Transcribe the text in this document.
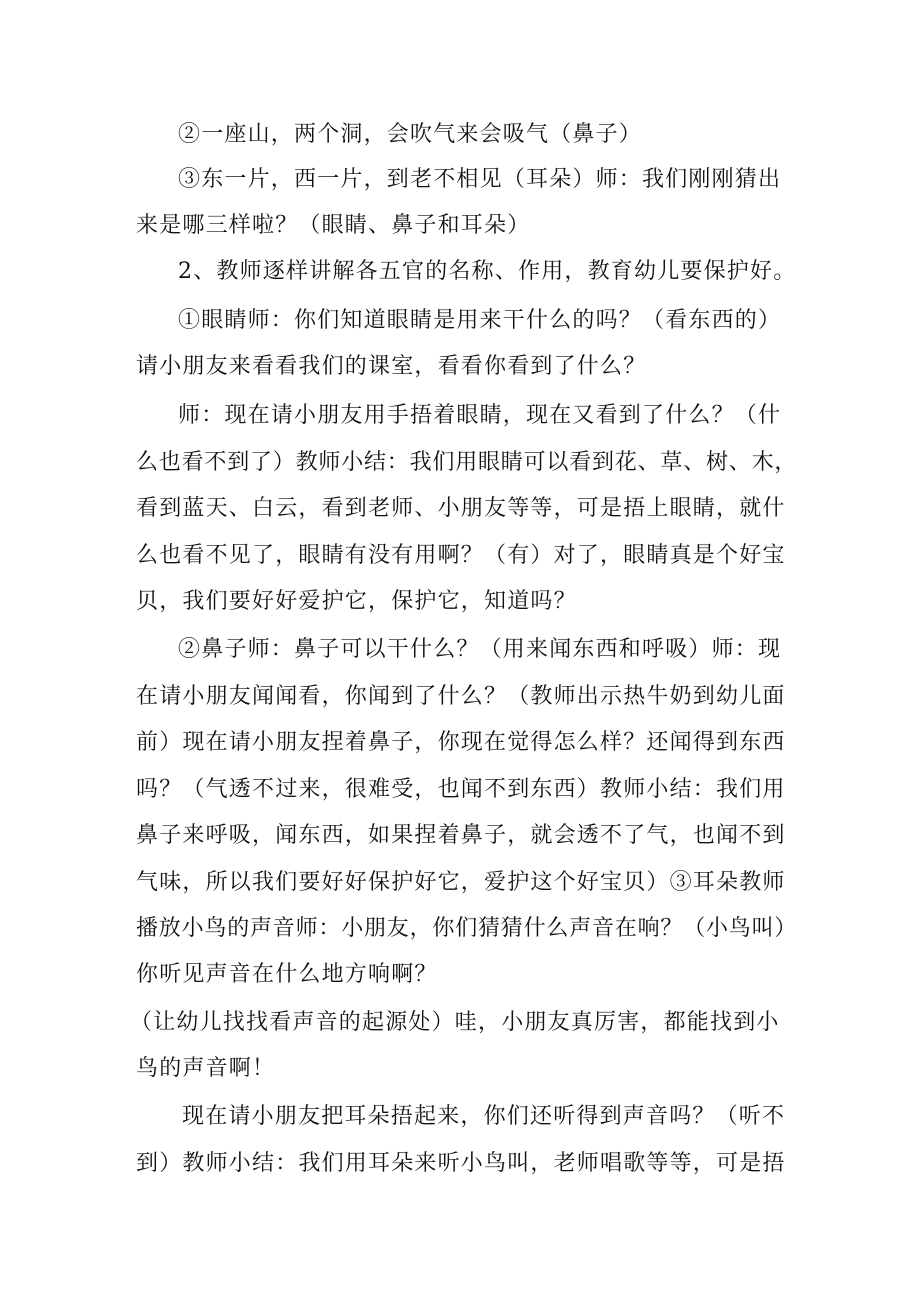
②一座山，两个洞，会吹气来会吸气（鼻子）
③东一片，西一片，到老不相见（耳朵）师：我们刚刚猜出
来是哪三样啦？（眼睛、鼻子和耳朵）
2、教师逐样讲解各五官的名称、作用，教育幼儿要保护好。
①眼睛师：你们知道眼睛是用来干什么的吗？（看东西的）
请小朋友来看看我们的课室，看看你看到了什么？
师：现在请小朋友用手捂着眼睛，现在又看到了什么？（什
么也看不到了）教师小结：我们用眼睛可以看到花、草、树、木，
看到蓝天、白云，看到老师、小朋友等等，可是捂上眼睛，就什
么也看不见了，眼睛有没有用啊？（有）对了，眼睛真是个好宝
贝，我们要好好爱护它，保护它，知道吗？
②鼻子师：鼻子可以干什么？（用来闻东西和呼吸）师：现
在请小朋友闻闻看，你闻到了什么？（教师出示热牛奶到幼儿面
前）现在请小朋友捏着鼻子，你现在觉得怎么样？还闻得到东西
吗？（气透不过来，很难受，也闻不到东西）教师小结：我们用
鼻子来呼吸，闻东西，如果捏着鼻子，就会透不了气，也闻不到
气味，所以我们要好好保护好它，爱护这个好宝贝）③耳朵教师
播放小鸟的声音师：小朋友，你们猜猜什么声音在响？（小鸟叫）
你听见声音在什么地方响啊？
（让幼儿找找看声音的起源处）哇，小朋友真厉害，都能找到小
鸟的声音啊！
现在请小朋友把耳朵捂起来，你们还听得到声音吗？（听不
到）教师小结：我们用耳朵来听小鸟叫，老师唱歌等等，可是捂
